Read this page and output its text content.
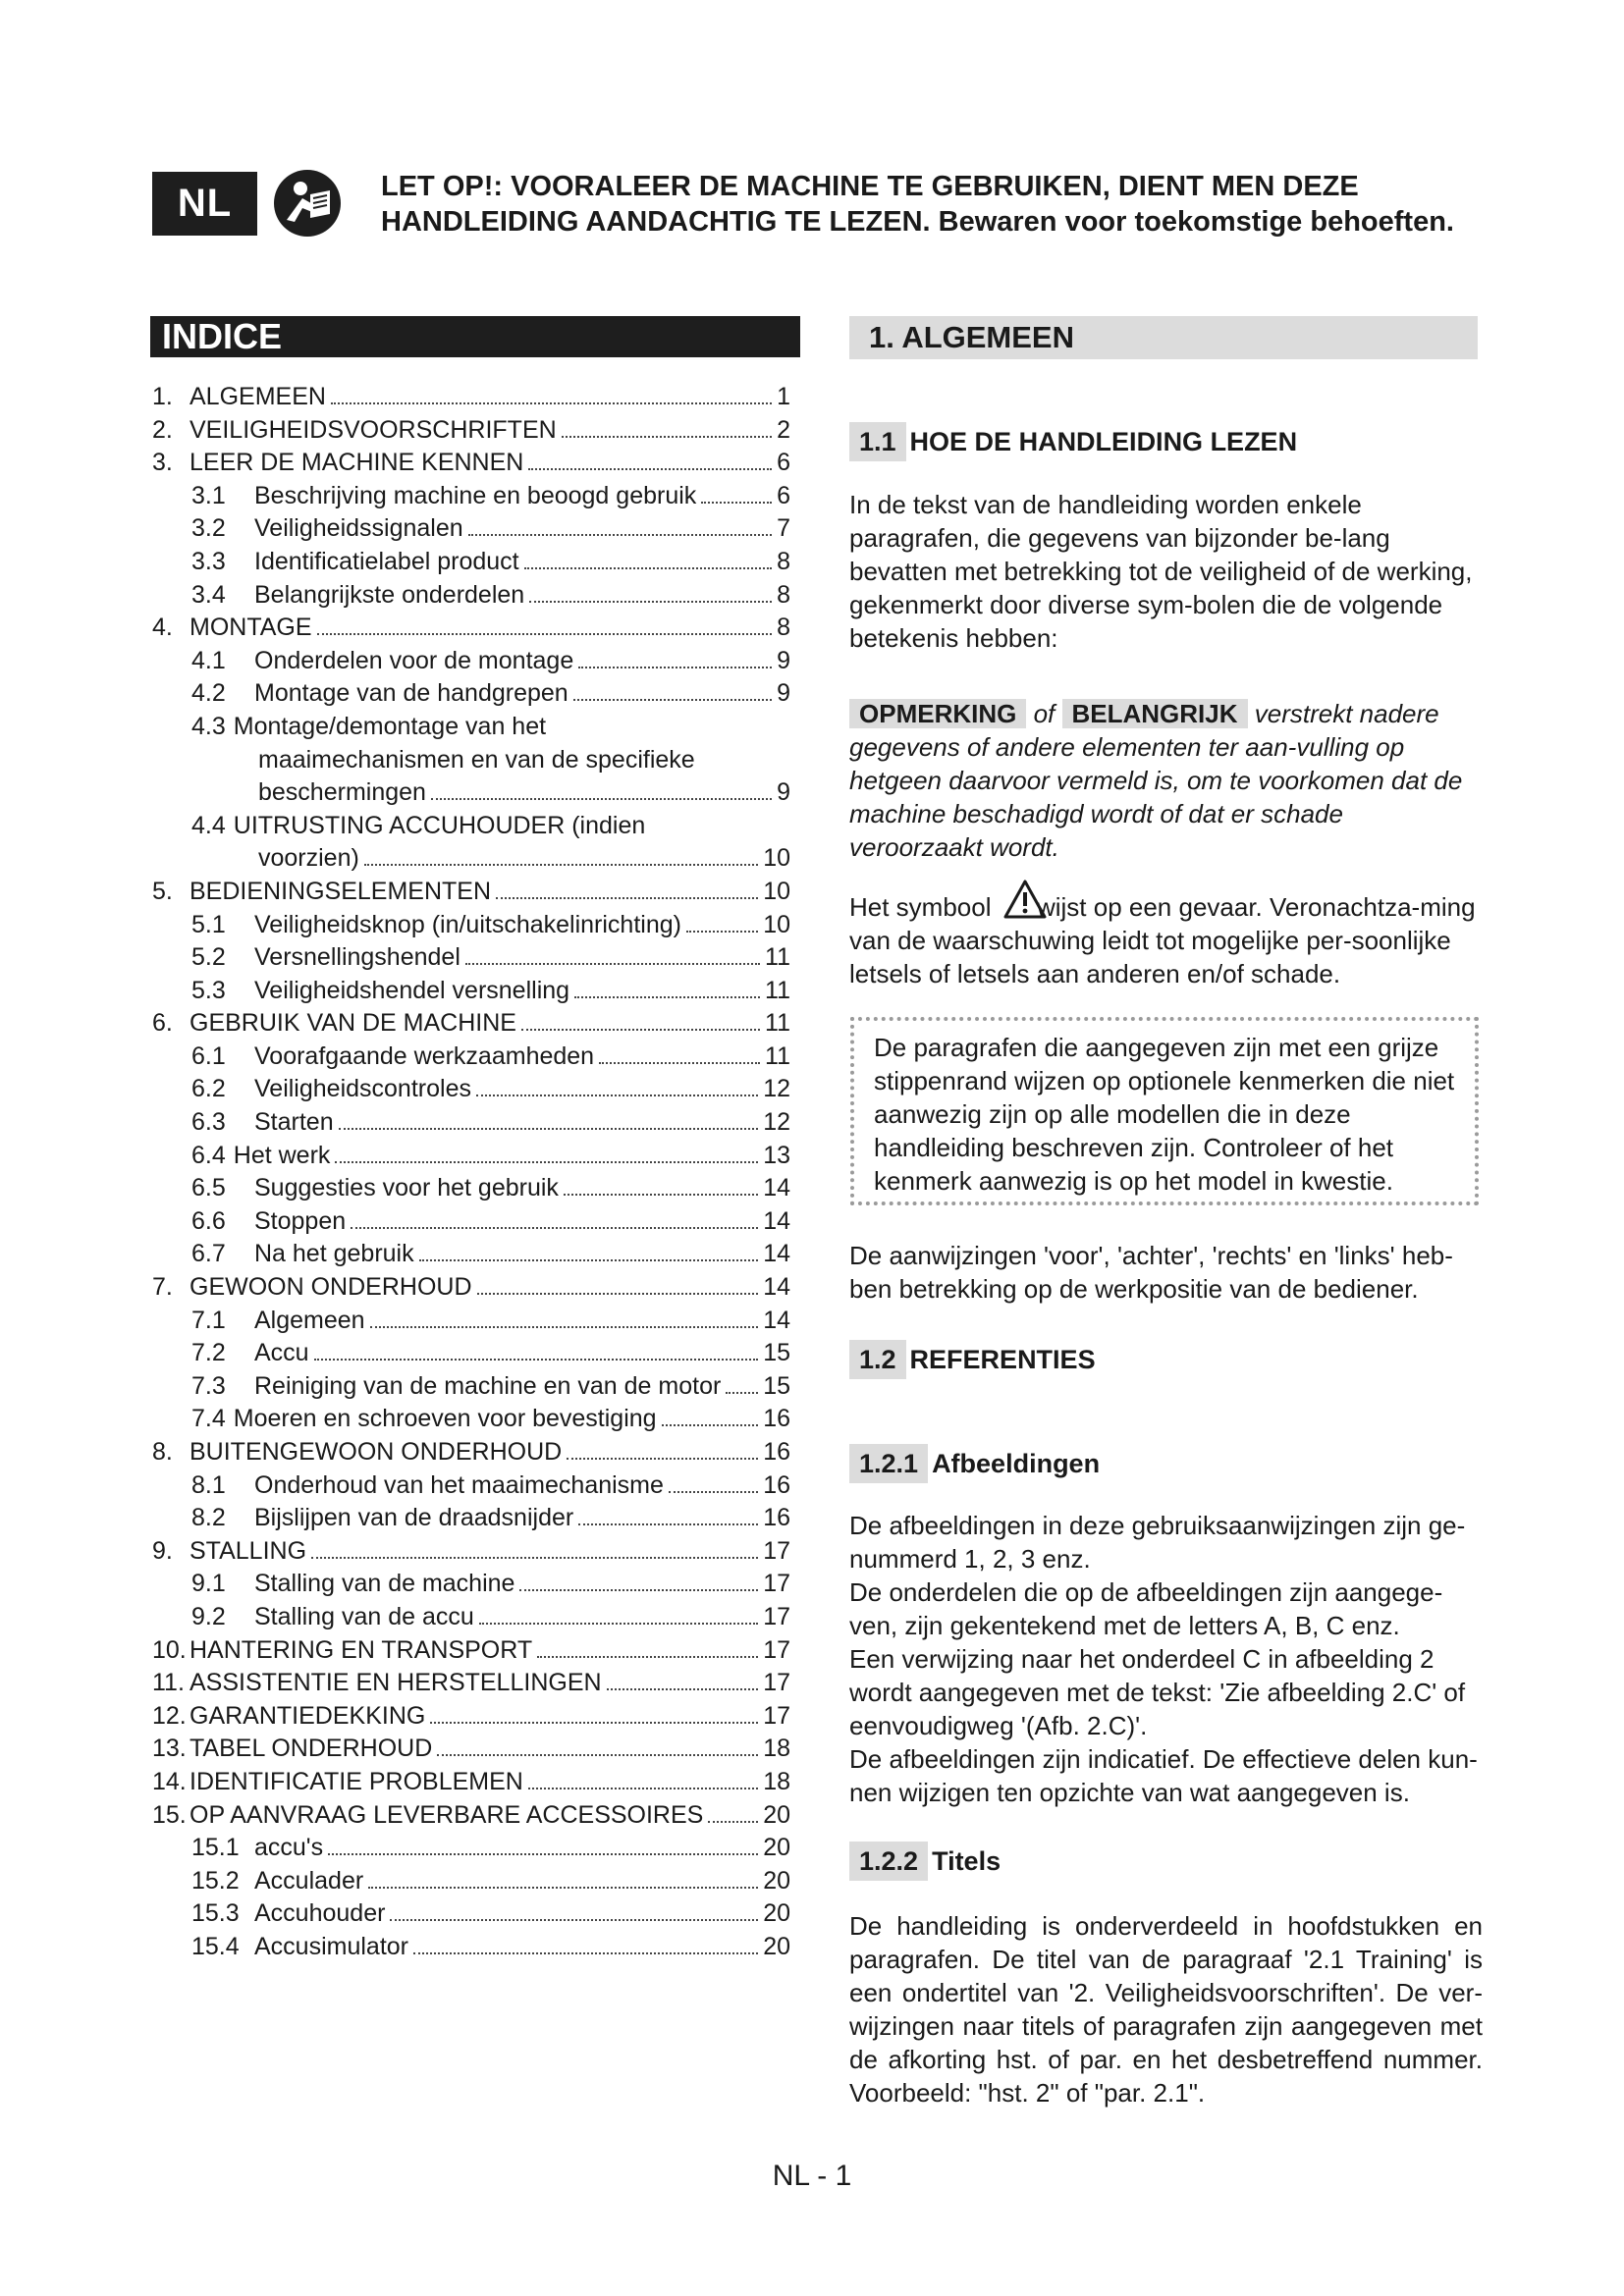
NL	LET OP!: VOORALEER DE MACHINE TE GEBRUIKEN, DIENT MEN DEZE
HANDLEIDING AANDACHTIG TE LEZEN. Bewaren voor toekomstige behoeften.
INDICE
1. ALGEMEEN	1
2. VEILIGHEIDSVOORSCHRIFTEN	2
3. LEER DE MACHINE KENNEN	6
3.1	Beschrijving machine en beoogd gebruik	6
3.2	Veiligheidssignalen	7
3.3	Identificatielabel product	8
3.4	Belangrijkste onderdelen	8
4. MONTAGE	8
4.1	Onderdelen voor de montage	9
4.2	Montage van de handgrepen	9
4.3 Montage/demontage van het
maaimechanismen en van de specifieke
beschermingen	9
4.4 UITRUSTING ACCUHOUDER (indien
voorzien)	10
5. BEDIENINGSELEMENTEN	10
5.1	Veiligheidsknop (in/uitschakelinrichting)	10
5.2	Versnellingshendel	11
5.3	Veiligheidshendel versnelling	11
6. GEBRUIK VAN DE MACHINE	11
6.1	Voorafgaande werkzaamheden	11
6.2	Veiligheidscontroles	12
6.3	Starten	12
6.4 Het werk	13
6.5	Suggesties voor het gebruik	14
6.6	Stoppen	14
6.7	Na het gebruik	14
7. GEWOON ONDERHOUD	14
7.1	Algemeen	14
7.2	Accu	15
7.3	Reiniging van de machine en van de motor 15
7.4 Moeren en schroeven voor bevestiging	16
8. BUITENGEWOON ONDERHOUD	16
8.1	Onderhoud van het maaimechanisme	16
8.2	Bijslijpen van de draadsnijder	16
9. STALLING	17
9.1	Stalling van de machine	17
9.2	Stalling van de accu	17
10. HANTERING EN TRANSPORT	17
11. ASSISTENTIE EN HERSTELLINGEN	17
12. GARANTIEDEKKING	17
13. TABEL ONDERHOUD	18
14. IDENTIFICATIE PROBLEMEN	18
15. OP AANVRAAG LEVERBARE ACCESSOIRES 20
15.1 accu's	20
15.2 Acculader	20
15.3 Accuhouder	20
15.4 Accusimulator	20
1. ALGEMEEN
1.1 HOE DE HANDLEIDING LEZEN
In de tekst van de handleiding worden enkele paragrafen, die gegevens van bijzonder be-lang bevatten met betrekking tot de veiligheid of de werking, gekenmerkt door diverse sym-bolen die de volgende betekenis hebben:
OPMERKING of BELANGRIJK verstrekt nadere gegevens of andere elementen ter aan-vulling op hetgeen daarvoor vermeld is, om te voorkomen dat de machine beschadigd wordt of dat er schade veroorzaakt wordt.
Het symbool wijst op een gevaar. Veronachtza-ming van de waarschuwing leidt tot mogelijke per-soonlijke letsels of letsels aan anderen en/of schade.
De paragrafen die aangegeven zijn met een grijze stippenrand wijzen op optionele kenmerken die niet aanwezig zijn op alle modellen die in deze handleiding beschreven zijn. Controleer of het kenmerk aanwezig is op het model in kwestie.
De aanwijzingen 'voor', 'achter', 'rechts' en 'links' heb-ben betrekking op de werkpositie van de bediener.
1.2 REFERENTIES
1.2.1 Afbeeldingen
De afbeeldingen in deze gebruiksaanwijzingen zijn ge-nummerd 1, 2, 3 enz.
De onderdelen die op de afbeeldingen zijn aangege-ven, zijn gekentekend met de letters A, B, C enz.
Een verwijzing naar het onderdeel C in afbeelding 2 wordt aangegeven met de tekst: 'Zie afbeelding 2.C' of eenvoudigweg '(Afb. 2.C)'.
De afbeeldingen zijn indicatief. De effectieve delen kun-nen wijzigen ten opzichte van wat aangegeven is.
1.2.2 Titels
De handleiding is onderverdeeld in hoofdstukken en paragrafen. De titel van de paragraaf '2.1 Training' is een ondertitel van '2. Veiligheidsvoorschriften'. De ver-wijzingen naar titels of paragrafen zijn aangegeven met de afkorting hst. of par. en het desbetreffend nummer. Voorbeeld: "hst. 2" of "par. 2.1".
NL - 1
